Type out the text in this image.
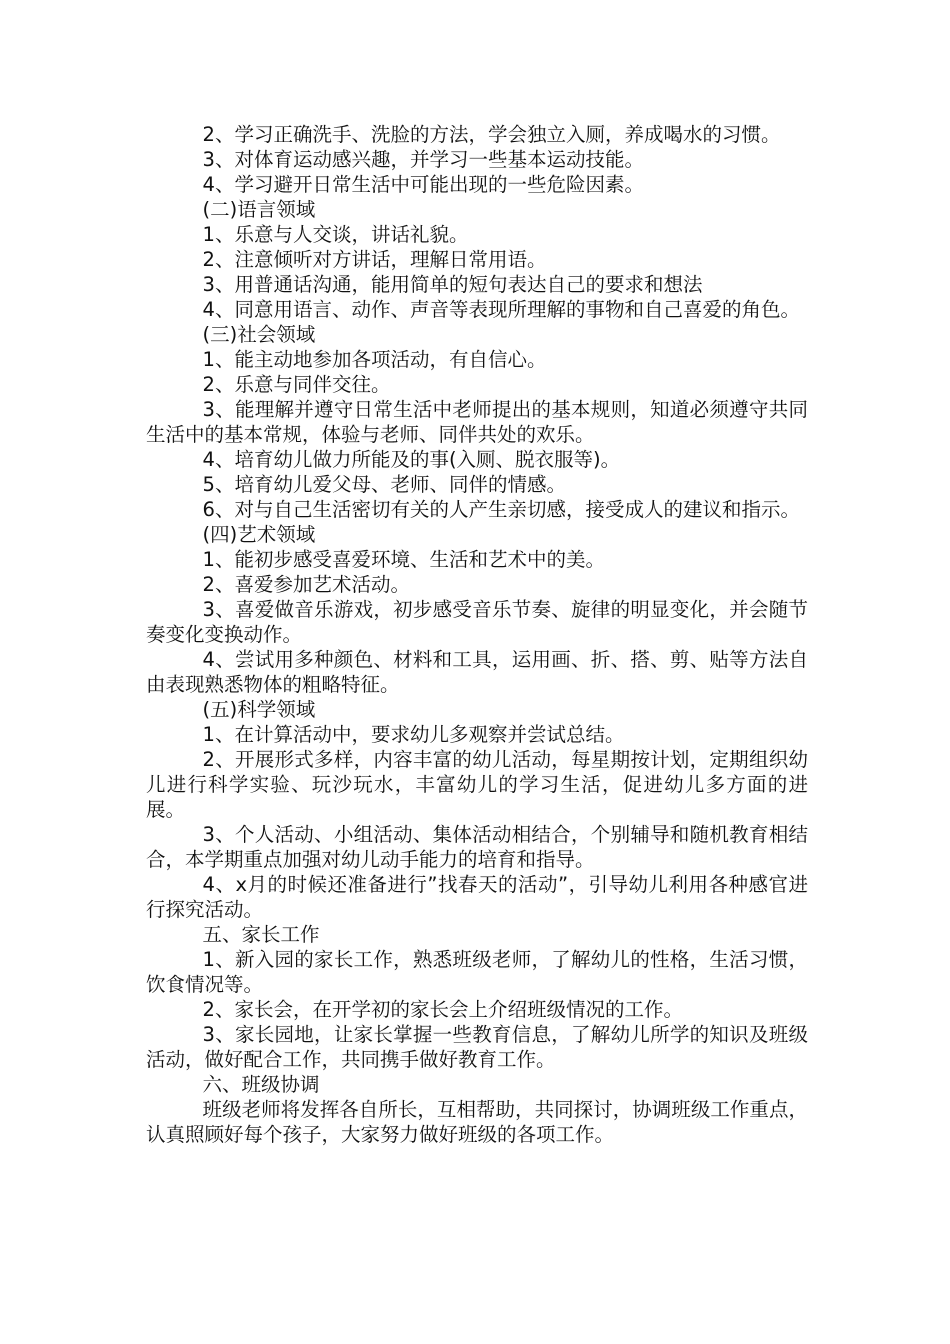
2、学习正确洗手、洗脸的方法，学会独立入厕，养成喝水的习惯。

3、对体育运动感兴趣，并学习一些基本运动技能。

4、学习避开日常生活中可能出现的一些危险因素。

(二)语言领域

1、乐意与人交谈，讲话礼貌。

2、注意倾听对方讲话，理解日常用语。

3、用普通话沟通，能用简单的短句表达自己的要求和想法

4、同意用语言、动作、声音等表现所理解的事物和自己喜爱的角色。

(三)社会领域

1、能主动地参加各项活动，有自信心。

2、乐意与同伴交往。

3、能理解并遵守日常生活中老师提出的基本规则，知道必须遵守共同生活中的基本常规，体验与老师、同伴共处的欢乐。

4、培育幼儿做力所能及的事(入厕、脱衣服等)。

5、培育幼儿爱父母、老师、同伴的情感。

6、对与自己生活密切有关的人产生亲切感，接受成人的建议和指示。

(四)艺术领域

1、能初步感受喜爱环境、生活和艺术中的美。

2、喜爱参加艺术活动。

3、喜爱做音乐游戏，初步感受音乐节奏、旋律的明显变化，并会随节奏变化变换动作。

4、尝试用多种颜色、材料和工具，运用画、折、搭、剪、贴等方法自由表现熟悉物体的粗略特征。

(五)科学领域

1、在计算活动中，要求幼儿多观察并尝试总结。

2、开展形式多样，内容丰富的幼儿活动，每星期按计划，定期组织幼儿进行科学实验、玩沙玩水，丰富幼儿的学习生活，促进幼儿多方面的进展。

3、个人活动、小组活动、集体活动相结合，个别辅导和随机教育相结合，本学期重点加强对幼儿动手能力的培育和指导。

4、x月的时候还准备进行”找春天的活动”，引导幼儿利用各种感官进行探究活动。

五、家长工作

1、新入园的家长工作，熟悉班级老师，了解幼儿的性格，生活习惯，饮食情况等。

2、家长会，在开学初的家长会上介绍班级情况的工作。

3、家长园地，让家长掌握一些教育信息，了解幼儿所学的知识及班级活动，做好配合工作，共同携手做好教育工作。

六、班级协调

班级老师将发挥各自所长，互相帮助，共同探讨，协调班级工作重点，认真照顾好每个孩子，大家努力做好班级的各项工作。
